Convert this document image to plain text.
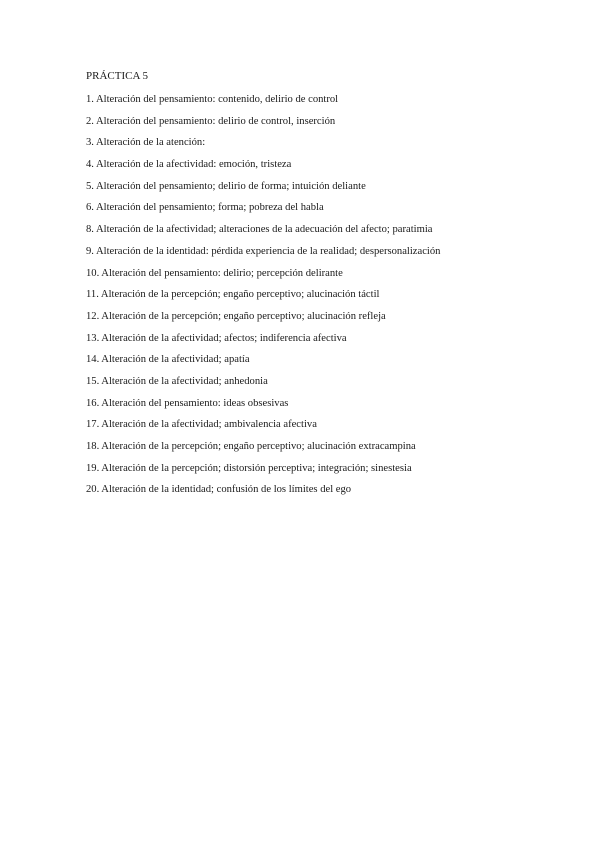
PRÁCTICA 5
1. Alteración del pensamiento: contenido, delirio de control
2. Alteración del pensamiento: delirio de control, inserción
3. Alteración de la atención:
4. Alteración de la afectividad: emoción, tristeza
5. Alteración del pensamiento; delirio de forma; intuición deliante
6. Alteración del pensamiento; forma; pobreza del habla
8. Alteración de la afectividad; alteraciones de la adecuación del afecto; paratimia
9. Alteración de la identidad: pérdida experiencia de la realidad; despersonalización
10. Alteración del pensamiento: delirio; percepción delirante
11. Alteración de la percepción; engaño perceptivo; alucinación táctil
12. Alteración de la percepción; engaño perceptivo; alucinación refleja
13. Alteración de la afectividad; afectos; indiferencia afectiva
14. Alteración de la afectividad; apatía
15. Alteración de la afectividad; anhedonia
16. Alteración del pensamiento: ideas obsesivas
17. Alteración de la afectividad; ambivalencia afectiva
18. Alteración de la percepción; engaño perceptivo; alucinación extracampina
19. Alteración de la percepción; distorsión perceptiva; integración; sinestesia
20. Alteración de la identidad; confusión de los límites del ego
